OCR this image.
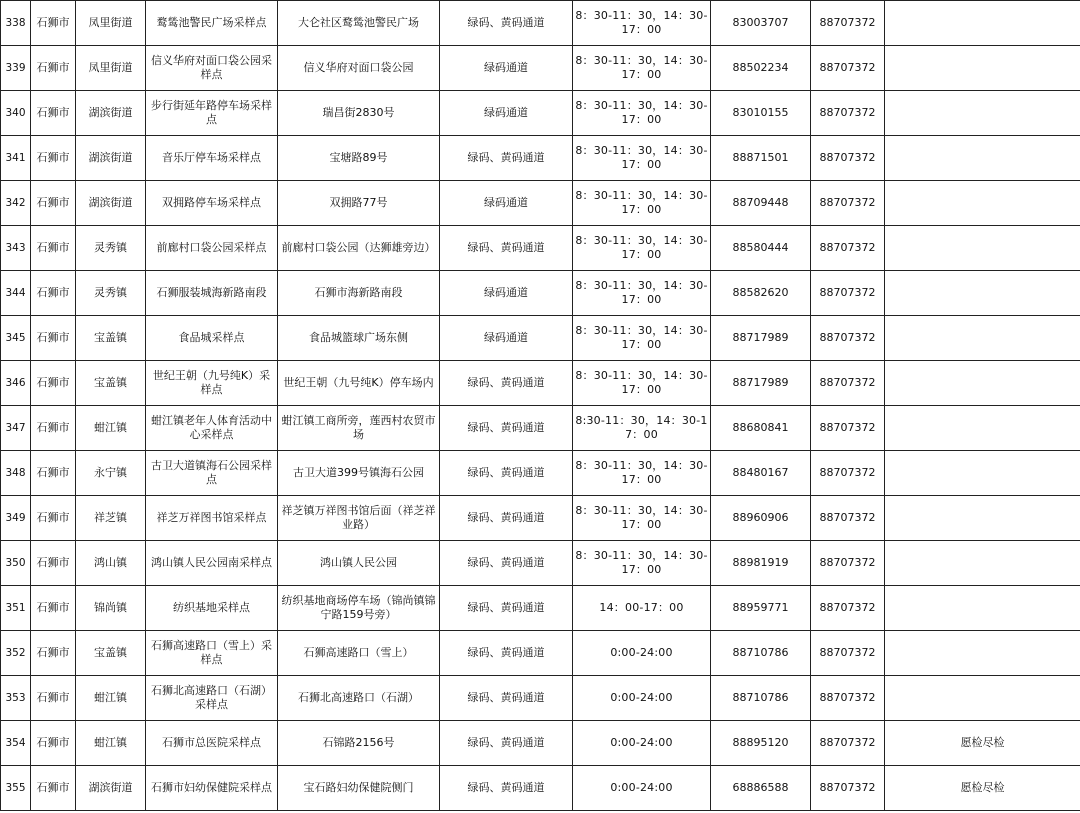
338	石狮市	凤里街道	鹜鸶池警民广场采样点	大仑社区鹜鸶池警民广场	绿码、黄码通道	8：30-11：30，14：30-17：00	83003707	88707372	
339	石狮市	凤里街道	信义华府对面口袋公园采样点	信义华府对面口袋公园	绿码通道	8：30-11：30，14：30-17：00	88502234	88707372	
340	石狮市	湖滨街道	步行街延年路停车场采样点	瑞昌街2830号	绿码通道	8：30-11：30，14：30-17：00	83010155	88707372	
341	石狮市	湖滨街道	音乐厅停车场采样点	宝塘路89号	绿码、黄码通道	8：30-11：30，14：30-17：00	88871501	88707372	
342	石狮市	湖滨街道	双拥路停车场采样点	双拥路77号	绿码通道	8：30-11：30，14：30-17：00	88709448	88707372	
343	石狮市	灵秀镇	前廊村口袋公园采样点	前廊村口袋公园（达狮雄旁边）	绿码、黄码通道	8：30-11：30，14：30-17：00	88580444	88707372	
344	石狮市	灵秀镇	石狮服装城海新路南段	石狮市海新路南段	绿码通道	8：30-11：30，14：30-17：00	88582620	88707372	
345	石狮市	宝盖镇	食品城采样点	食品城篮球广场东侧	绿码通道	8：30-11：30，14：30-17：00	88717989	88707372	
346	石狮市	宝盖镇	世纪王朝（九号纯K）采样点	世纪王朝（九号纯K）停车场内	绿码、黄码通道	8：30-11：30，14：30-17：00	88717989	88707372	
347	石狮市	蚶江镇	蚶江镇老年人体育活动中心采样点	蚶江镇工商所旁，莲西村农贸市场	绿码、黄码通道	8:30-11：30，14：30-17：00	88680841	88707372	
348	石狮市	永宁镇	古卫大道镇海石公园采样点	古卫大道399号镇海石公园	绿码、黄码通道	8：30-11：30，14：30-17：00	88480167	88707372	
349	石狮市	祥芝镇	祥芝万祥图书馆采样点	祥芝镇万祥图书馆后面（祥芝祥业路）	绿码、黄码通道	8：30-11：30，14：30-17：00	88960906	88707372	
350	石狮市	鸿山镇	鸿山镇人民公园南采样点	鸿山镇人民公园	绿码、黄码通道	8：30-11：30，14：30-17：00	88981919	88707372	
351	石狮市	锦尚镇	纺织基地采样点	纺织基地商场停车场（锦尚镇锦宁路159号旁）	绿码、黄码通道	14：00-17：00	88959771	88707372	
352	石狮市	宝盖镇	石狮高速路口（雪上）采样点	石狮高速路口（雪上）	绿码、黄码通道	0:00-24:00	88710786	88707372	
353	石狮市	蚶江镇	石狮北高速路口（石湖）采样点	石狮北高速路口（石湖）	绿码、黄码通道	0:00-24:00	88710786	88707372	
354	石狮市	蚶江镇	石狮市总医院采样点	石锦路2156号	绿码、黄码通道	0:00-24:00	88895120	88707372	愿检尽检
355	石狮市	湖滨街道	石狮市妇幼保健院采样点	宝石路妇幼保健院侧门	绿码、黄码通道	0:00-24:00	68886588	88707372	愿检尽检
